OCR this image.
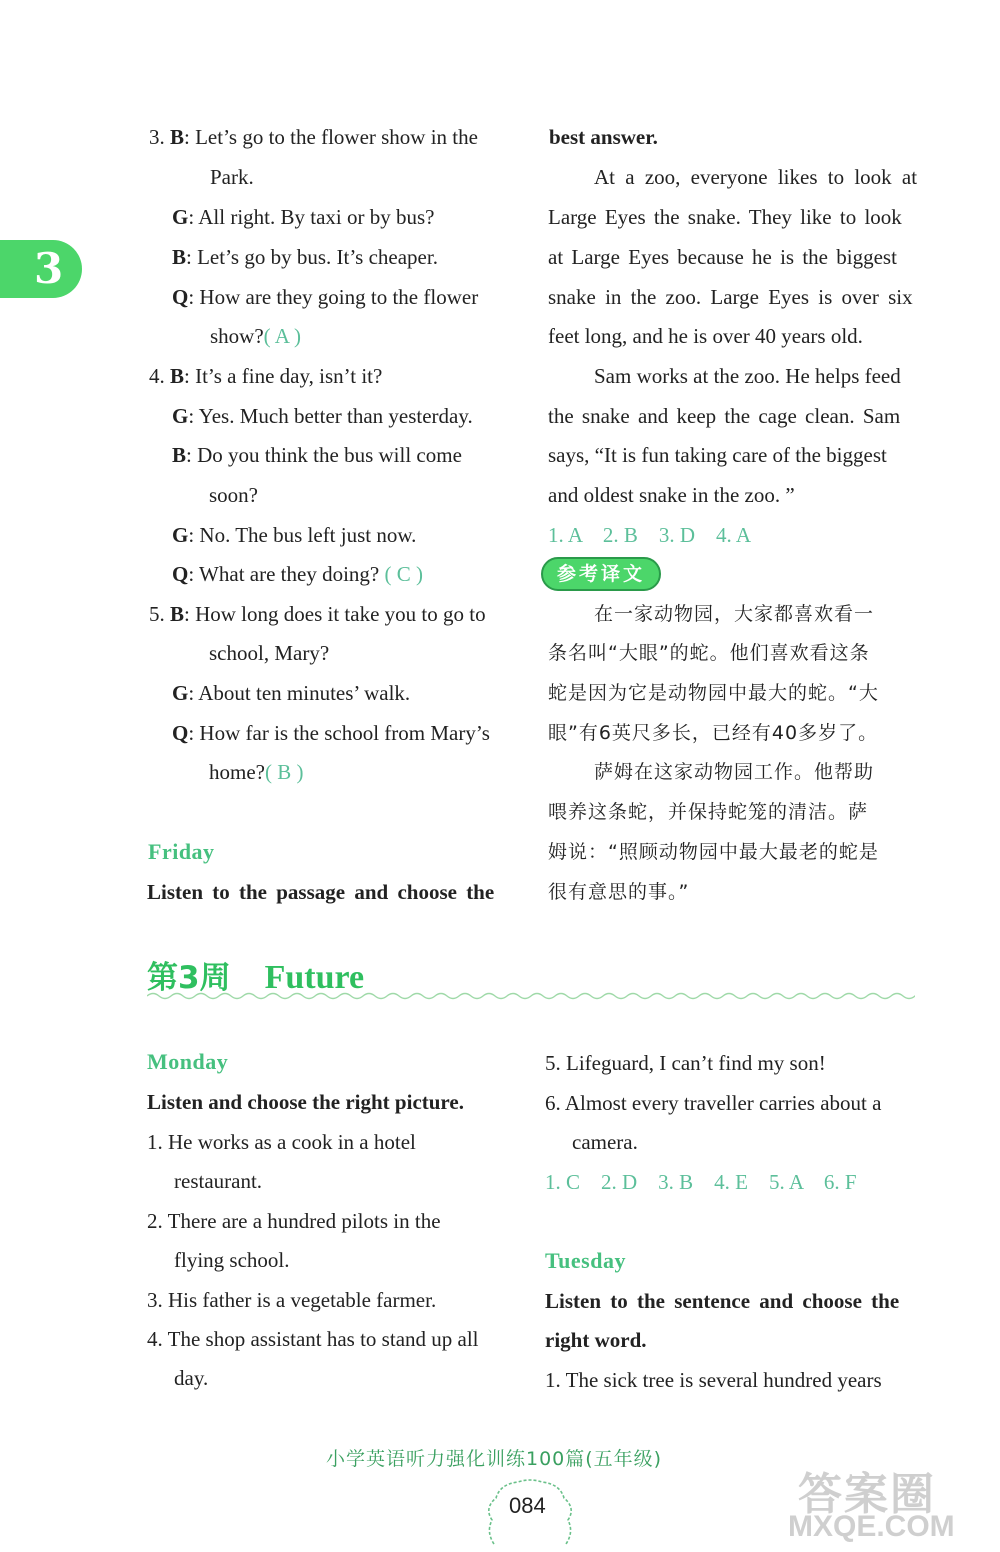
3
3. B: Let’s go to the flower show in the
Park.
G: All right. By taxi or by bus?
B: Let’s go by bus. It’s cheaper.
Q: How are they going to the flower
show?( A )
4. B: It’s a fine day, isn’t it?
G: Yes. Much better than yesterday.
B: Do you think the bus will come
soon?
G: No. The bus left just now.
Q: What are they doing? ( C )
5. B: How long does it take you to go to
school, Mary?
G: About ten minutes’ walk.
Q: How far is the school from Mary’s
home?( B )
Friday
Listen to the passage and choose the
best answer.
At a zoo, everyone likes to look at
Large Eyes the snake. They like to look
at Large Eyes because he is the biggest
snake in the zoo. Large Eyes is over six
feet long, and he is over 40 years old.
Sam works at the zoo. He helps feed
the snake and keep the cage clean. Sam
says, “It is fun taking care of the biggest
and oldest snake in the zoo. ”
1. A    2. B    3. D    4. A
参考译文
在一家动物园，大家都喜欢看一
条名叫“大眼”的蛇。他们喜欢看这条
蛇是因为它是动物园中最大的蛇。“大
眼”有6英尺多长，已经有40多岁了。
萨姆在这家动物园工作。他帮助
喂养这条蛇，并保持蛇笼的清洁。萨
姆说：“照顾动物园中最大最老的蛇是
很有意思的事。”
第3周 Future
Monday
Listen and choose the right picture.
1. He works as a cook in a hotel
restaurant.
2. There are a hundred pilots in the
flying school.
3. His father is a vegetable farmer.
4. The shop assistant has to stand up all
day.
5. Lifeguard, I can’t find my son!
6. Almost every traveller carries about a
camera.
1. C    2. D    3. B    4. E    5. A    6. F
Tuesday
Listen to the sentence and choose the
right word.
1. The sick tree is several hundred years
小学英语听力强化训练100篇(五年级)
084	答案圈
MXQE.COM
